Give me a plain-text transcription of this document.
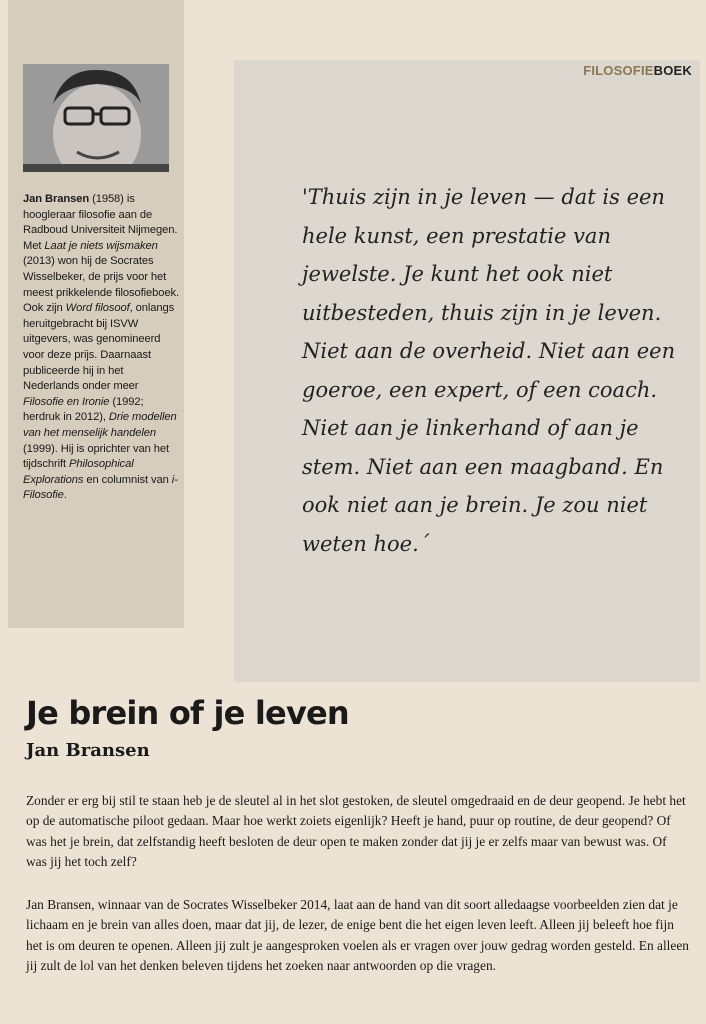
Jan Bransen (1958) is hoogleraar filosofie aan de Radboud Universiteit Nijmegen. Met Laat je niets wijsmaken (2013) won hij de Socrates Wisselbeker, de prijs voor het meest prikkelende filosofieboek. Ook zijn Word filosoof, onlangs heruitgebracht bij ISVW uitgevers, was genomineerd voor deze prijs. Daarnaast publiceerde hij in het Nederlands onder meer Filosofie en Ironie (1992; herdruk in 2012), Drie modellen van het menselijk handelen (1999). Hij is oprichter van het tijdschrift Philosophical Explorations en columnist van i-Filosofie.
FILOSOFIEBOEK

'Thuis zijn in je leven — dat is een hele kunst, een prestatie van jewelste. Je kunt het ook niet uitbesteden, thuis zijn in je leven. Niet aan de overheid. Niet aan een goeroe, een expert, of een coach. Niet aan je linkerhand of aan je stem. Niet aan een maagband. En ook niet aan je brein. Je zou niet weten hoe.´

Je brein of je leven
Jan Bransen

Zonder er erg bij stil te staan heb je de sleutel al in het slot gestoken, de sleutel omgedraaid en de deur geopend. Je hebt het op de automatische piloot gedaan. Maar hoe werkt zoiets eigenlijk? Heeft je hand, puur op routine, de deur geopend? Of was het je brein, dat zelfstandig heeft besloten de deur open te maken zonder dat jij je er zelfs maar van bewust was. Of was jij het toch zelf?

Jan Bransen, winnaar van de Socrates Wisselbeker 2014, laat aan de hand van dit soort alledaagse voorbeelden zien dat je lichaam en je brein van alles doen, maar dat jij, de lezer, de enige bent die het eigen leven leeft. Alleen jij beleeft hoe fijn het is om deuren te openen. Alleen jij zult je aangesproken voelen als er vragen over jouw gedrag worden gesteld. En alleen jij zult de lol van het denken beleven tijdens het zoeken naar antwoorden op die vragen.
